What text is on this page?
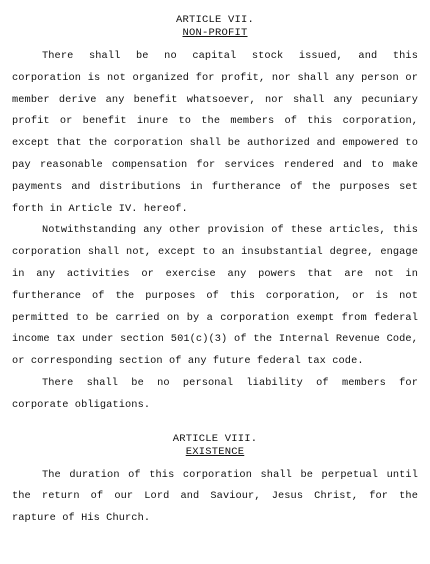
ARTICLE VII.
NON-PROFIT

There shall be no capital stock issued, and this corporation is not organized for profit, nor shall any person or member derive any benefit whatsoever, nor shall any pecuniary profit or benefit inure to the members of this corporation, except that the corporation shall be authorized and empowered to pay reasonable compensation for services rendered and to make payments and distributions in furtherance of the purposes set forth in Article IV. hereof.

Notwithstanding any other provision of these articles, this corporation shall not, except to an insubstantial degree, engage in any activities or exercise any powers that are not in furtherance of the purposes of this corporation, or is not permitted to be carried on by a corporation exempt from federal income tax under section 501(c)(3) of the Internal Revenue Code, or corresponding section of any future federal tax code.

There shall be no personal liability of members for corporate obligations.

ARTICLE VIII.
EXISTENCE

The duration of this corporation shall be perpetual until the return of our Lord and Saviour, Jesus Christ, for the rapture of His Church.
